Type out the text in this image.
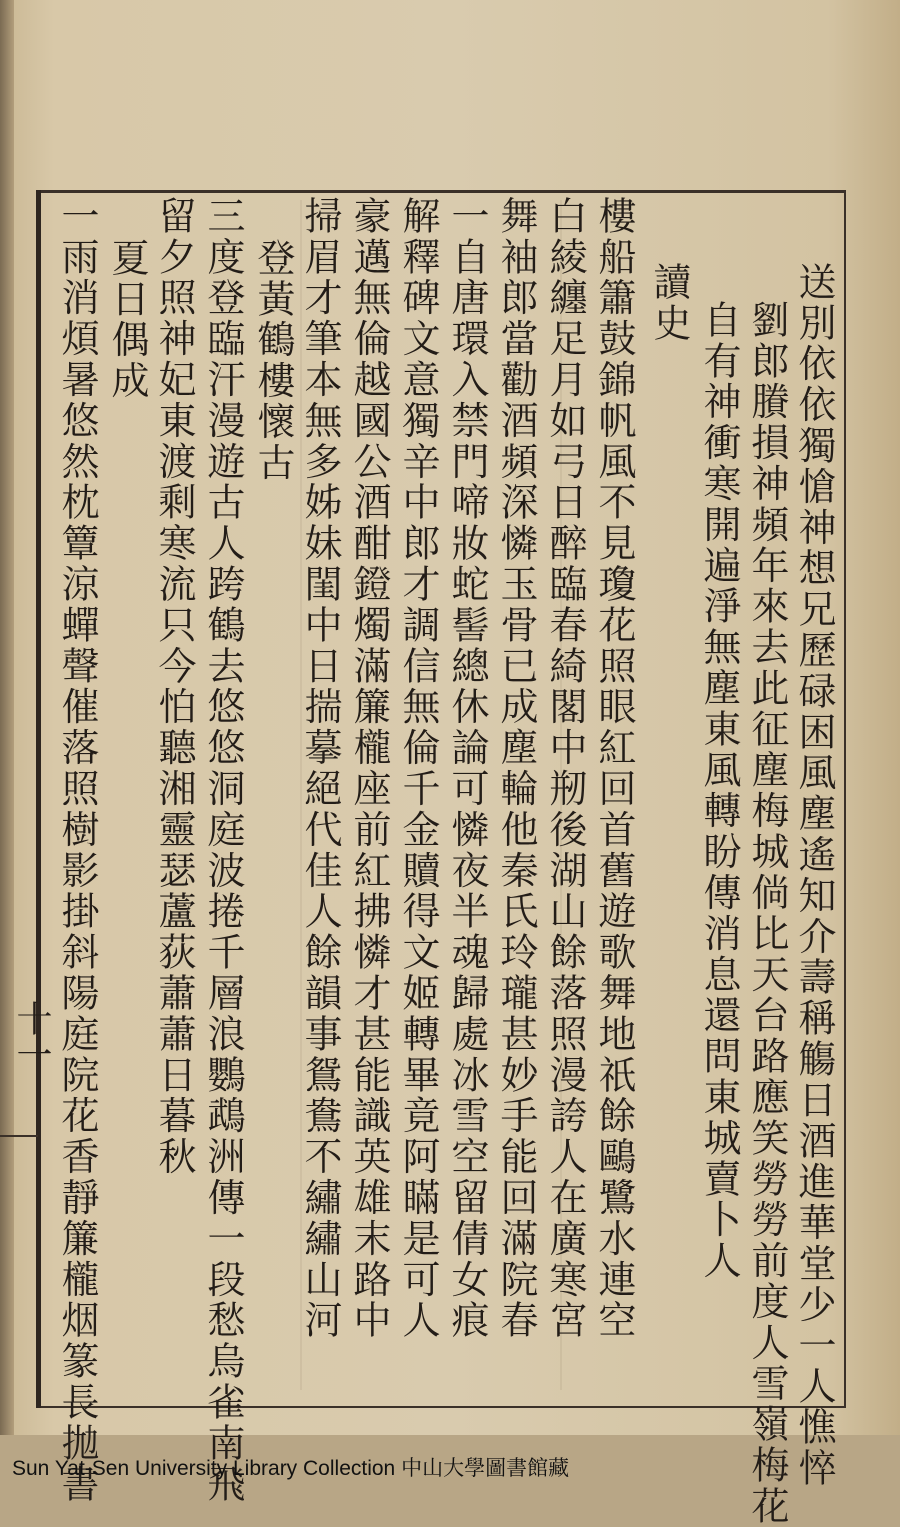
送別依依獨愴神想兄歷碌困風塵遙知介壽稱觴日酒進華堂少一人憔悴
劉郎賸損神頻年來去此征塵梅城倘比天台路應笑勞勞前度人雪嶺梅花
自有神衝寒開遍淨無塵東風轉盼傳消息還問東城賣卜人
讀史
樓船簫鼓錦帆風不見瓊花照眼紅回首舊遊歌舞地祇餘鷗鷺水連空
白綾纏足月如弓日醉臨春綺閣中剏後湖山餘落照漫誇人在廣寒宮
舞袖郎當勸酒頻深憐玉骨已成塵輪他秦氏玲瓏甚妙手能回滿院春
一自唐環入禁門啼妝蛇髻總休論可憐夜半魂歸處冰雪空留倩女痕
解釋碑文意獨辛中郎才調信無倫千金贖得文姬轉畢竟阿瞞是可人
豪邁無倫越國公酒酣鐙燭滿簾櫳座前紅拂憐才甚能識英雄末路中
掃眉才筆本無多姊妹閨中日揣摹絕代佳人餘韻事鴛鴦不繡繡山河
登黃鶴樓懷古
三度登臨汗漫遊古人跨鶴去悠悠洞庭波捲千層浪鸚鵡洲傳一段愁烏雀南飛
留夕照神妃東渡剩寒流只今怕聽湘靈瑟蘆荻蕭蕭日暮秋
夏日偶成
一雨消煩暑悠然枕簟涼蟬聲催落照樹影掛斜陽庭院花香靜簾櫳烟篆長拋書
十一
Sun Yat-Sen University Library Collection 中山大學圖書館藏
